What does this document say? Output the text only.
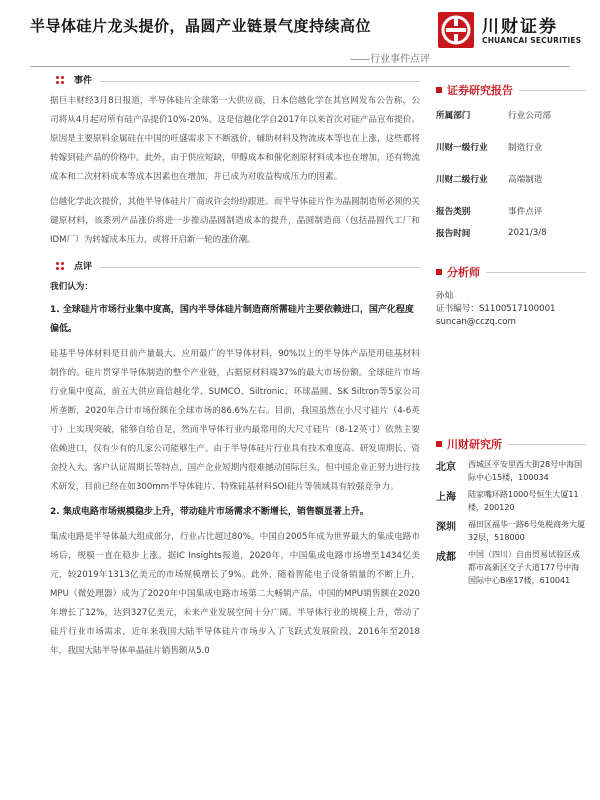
半导体硅片龙头提价，晶圆产业链景气度持续高位
——行业事件点评
川财证券
CHUANCAI SECURITIES
事件

据巨丰财经3月8日报道，半导体硅片全球第一大供应商，日本信越化学在其官网发布公告称，公司将从4月起对所有硅产品提价10%-20%。这是信越化学自2017年以来首次对硅产品宣布提价。原因是主要原料金属硅在中国的旺盛需求下不断涨价，辅助材料及物流成本等也在上涨，这些都将转嫁到硅产品的价格中。此外，由于供应短缺，甲醇成本和催化剂原材料成本也在增加，还有物流成本和二次材料成本等成本因素也在增加，并已成为对收益构成压力的因素。

信越化学此次提价，其他半导体硅片厂商或许会纷纷跟进。而半导体硅片作为晶圆制造所必须的关键原材料，该系列产品涨价将进一步推动晶圆制造成本的提升，晶圆制造商（包括晶圆代工厂和IDM厂）为转嫁成本压力，或将开启新一轮的涨价潮。

点评
我们认为：
1. 全球硅片市场行业集中度高，国内半导体硅片制造商所需硅片主要依赖进口，国产化程度偏低。

硅基半导体材料是目前产量最大、应用最广的半导体材料，90%以上的半导体产品是用硅基材料制作的。硅片贯穿半导体制造的整个产业链，占据原材料端37%的最大市场份额。全球硅片市场行业集中度高，前五大供应商信越化学、SUMCO、Siltronic、环球晶圆、SK Siltron等5家公司所垄断，2020年合计市场份额在全球市场的86.6%左右。目前，我国虽然在小尺寸硅片（4-6英寸）上实现突破，能够自给自足，然而半导体行业内最常用的大尺寸硅片（8-12英寸）依然主要依赖进口，仅有少有的几家公司能够生产。由于半导体硅片行业具有技术难度高、研发周期长、资金投入大、客户认证周期长等特点，国产企业短期内很难撼动国际巨头，但中国企业正努力进行技术研发，目前已经在如300mm半导体硅片、特殊硅基材料SOI硅片等领域具有较强竞争力。

2. 集成电路市场规模稳步上升，带动硅片市场需求不断增长，销售额显著上升。

集成电路是半导体最大组成部分，行业占比超过80%。中国自2005年成为世界最大的集成电路市场后，规模一直在稳步上涨。据IC Insights报道，2020年，中国集成电路市场增至1434亿美元，较2019年1313亿美元的市场规模增长了9%。此外，随着智能电子设备销量的不断上升，MPU（微处理器）成为了2020年中国集成电路市场第二大畅销产品，中国的MPU销售额在2020年增长了12%，达到327亿美元，未来产业发展空间十分广阔。半导体行业的规模上升，带动了硅片行业市场需求，近年来我国大陆半导体硅片市场步入了飞跃式发展阶段，2016年至2018年，我国大陆半导体单晶硅片销售额从5.0

证券研究报告
所属部门	行业公司部
川财一级行业	制造行业
川财二级行业	高端制造
报告类别	事件点评
报告时间	2021/3/8
分析师
孙灿
证书编号：S1100517100001
suncan@cczq.com
川财研究所
北京	西城区平安里西大街28号中海国际中心15楼，100034
上海	陆家嘴环路1000号恒生大厦11楼，200120
深圳	福田区福华一路6号免税商务大厦32层，518000
成都	中国（四川）自由贸易试验区成都市高新区交子大道177号中海国际中心B座17楼，610041
